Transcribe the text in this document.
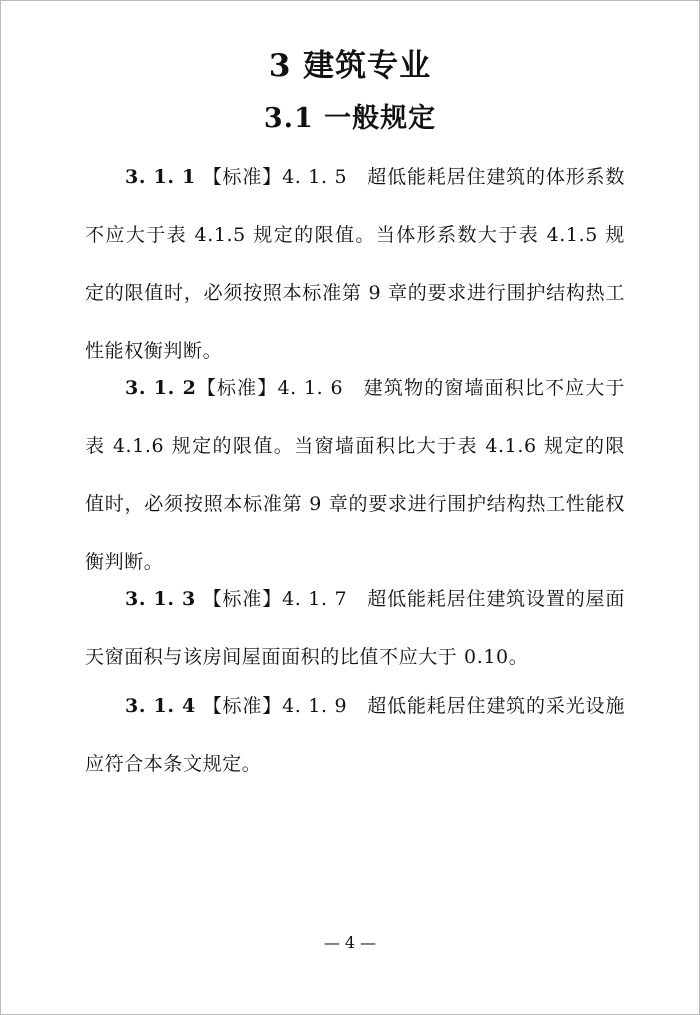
3 建筑专业
3.1 一般规定

3. 1. 1 【标准】4. 1. 5　超低能耗居住建筑的体形系数不应大于表 4.1.5 规定的限值。当体形系数大于表 4.1.5 规定的限值时，必须按照本标准第 9 章的要求进行围护结构热工性能权衡判断。

3. 1. 2【标准】4. 1. 6　建筑物的窗墙面积比不应大于表 4.1.6 规定的限值。当窗墙面积比大于表 4.1.6 规定的限值时，必须按照本标准第 9 章的要求进行围护结构热工性能权衡判断。

3. 1. 3 【标准】4. 1. 7　超低能耗居住建筑设置的屋面天窗面积与该房间屋面面积的比值不应大于 0.10。

3. 1. 4 【标准】4. 1. 9　超低能耗居住建筑的采光设施应符合本条文规定。

— 4 —
